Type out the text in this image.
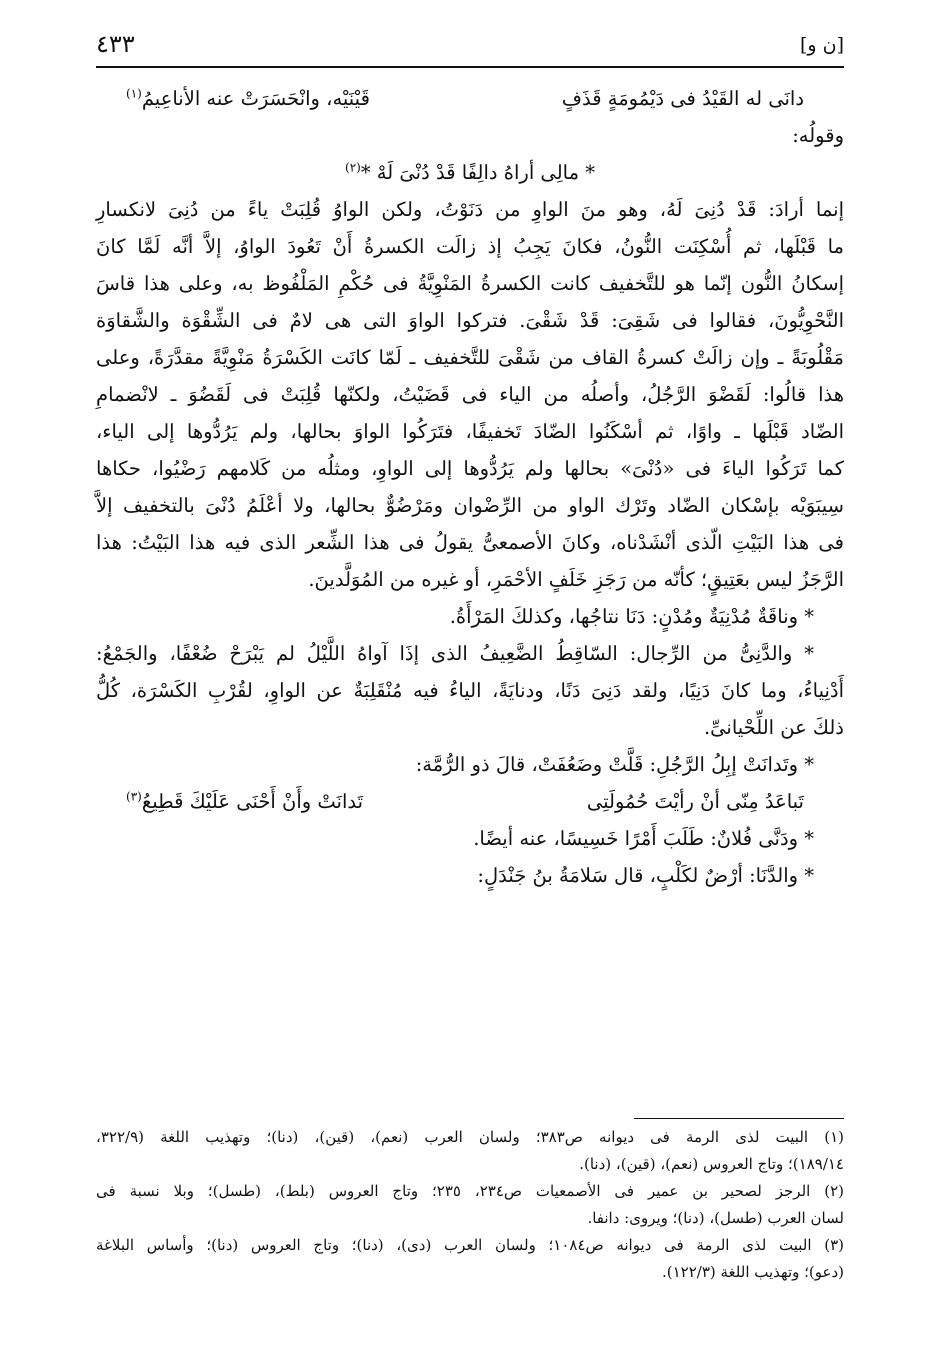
[ن و]
٤٣٣
دانَى له القَيْدُ فى دَيْمُومَةٍ قَذَفٍ
قَيْنَيْه، وانْحَسَرَتْ عنه الأناعِيمُ$^{(١)}$
وقولُه:
* مالِى أراهُ دالِفًا قَدْ دُنْىَ لَهْ *$^{(٢)}$
إنما أرادَ: قَدْ دُنِىَ لَهُ، وهو منَ الواوِ من دَنَوْتُ، ولكن الواوُ قُلِبَتْ ياءً من دُنِىَ لانكسارِ
ما قَبْلَها، ثم أُسْكِنَت النُّونُ، فكانَ يَجِبُ إذ زالَت الكسرةُ أَنْ تَعُودَ الواوُ، إلاَّ أنَّه لَمَّا كانَ
إسكانُ النُّون إنّما هو للتَّخفيف كانت الكسرةُ المَنْوِيَّةُ فى حُكْمِ المَلْفُوظ به، وعلى هذا قاسَ
النَّحْوِيُّونَ، فقالوا فى شَقِىَ: قَدْ شَقْىَ. فتركوا الواوَ التى هى لامٌ فى الشِّقْوَة والشَّقاوَة
مَقْلُوبَةً ـ وإن زالَتْ كسرةُ القاف من شَقْىَ للتَّخفيف ـ لَمّا كانَت الكَسْرَةُ مَنْوِيَّةً مقدَّرَةً، وعلى
هذا قالُوا: لَقَضْوَ الرَّجُلُ، وأصلُه من الياء فى قَضَيْتُ، ولكنّها قُلِبَتْ فى لَقَضُوَ ـ لانْضمامِ
الضّاد قَبْلَها ـ واوًا، ثم أسْكَنُوا الضّادَ تَخفيفًا، فتَرَكُوا الواوَ بحالها، ولم يَرُدُّوها إلى الياء،
كما تَرَكُوا الياءَ فى «دُنْىَ» بحالها ولم يَرُدُّوها إلى الواوِ، ومثلُه من كَلامهم رَضْيُوا، حكاها
سِيبَوَيْه بإسْكان الضّاد وتَرْك الواو من الرِّضْوان ومَرْضُوٌّ بحالها، ولا أعْلَمُ دُنْىَ بالتخفيف إلاَّ
فى هذا البَيْتِ الّذى أنْشَدْناه، وكانَ الأصمعىُّ يقولُ فى هذا الشِّعر الذى فيه هذا البَيْتُ: هذا
الرَّجَزُ ليس بعَتِيقٍ؛ كأنّه من رَجَزِ خَلَفٍ الأحْمَرِ، أو غيره من المُوَلَّدينَ.
* وناقَةٌ مُدْنِيَةٌ ومُدْنٍ: دَنَا نتاجُها، وكذلكَ المَرْأَةُ.
* والدَّنِىُّ من الرِّجال: السّاقِطُ الضَّعِيفُ الذى إذَا آواهُ اللَّيْلُ لم يَبْرَحْ ضُعْفًا، والجَمْعُ:
أَدْنِياءُ، وما كانَ دَنِيًا، ولقد دَنِىَ دَنًا، ودنايَةً، الياءُ فيه مُنْقَلِبَةٌ عن الواوِ، لقُرْبِ الكَسْرَة، كُلُّ
ذلكَ عن اللِّحْيانىِّ.
* وتَدانَتْ إبِلُ الرَّجُلِ: قَلَّتْ وضَعُفَتْ، قالَ ذو الرُّمَّة:
تَباعَدُ مِنّى أنْ رأيْتَ حُمُولَتِى
تَدانَتْ وأَنْ أَحْنَى عَلَيْكَ قَطِيعُ$^{(٣)}$
* ودَنَّى فُلانٌ: طَلَبَ أَمْرًا خَسِيسًا، عنه أيضًا.
* والدَّنَا: أرْضٌ لكَلْبٍ، قال سَلامَةُ بنُ جَنْدَلٍ:
(١) البيت لذى الرمة فى ديوانه ص٣٨٣؛ ولسان العرب (نعم)، (قين)، (دنا)؛ وتهذيب اللغة (٣٢٢/٩،
١٨٩/١٤)؛ وتاج العروس (نعم)، (قين)، (دنا).
(٢) الرجز لصحير بن عمير فى الأصمعيات ص٢٣٤، ٢٣٥؛ وتاج العروس (بلط)، (طسل)؛ وبلا نسبة فى
لسان العرب (طسل)، (دنا)؛ ويروى: دانفا.
(٣) البيت لذى الرمة فى ديوانه ص١٠٨٤؛ ولسان العرب (دى)، (دنا)؛ وتاج العروس (دنا)؛ وأساس البلاغة
(دعو)؛ وتهذيب اللغة (١٢٢/٣).
